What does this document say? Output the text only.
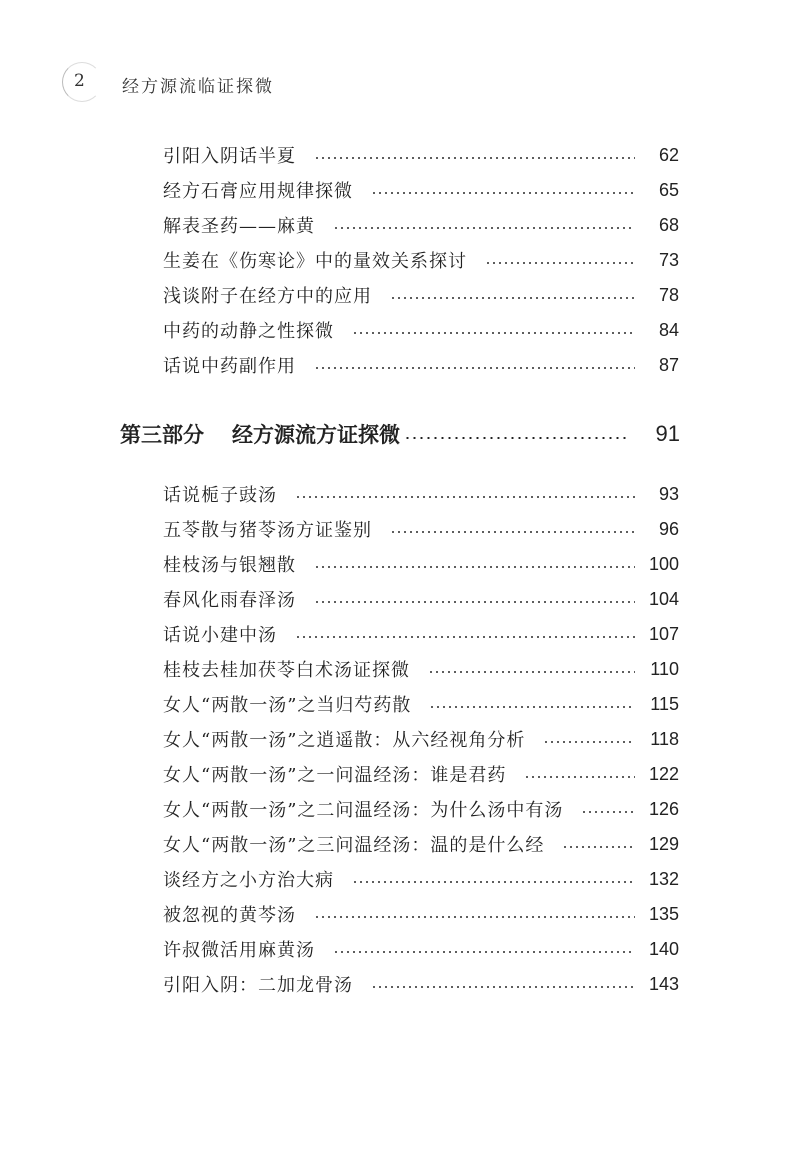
2 经方源流临证探微
引阳入阴话半夏	62
经方石膏应用规律探微	65
解表圣药——麻黄	68
生姜在《伤寒论》中的量效关系探讨	73
浅谈附子在经方中的应用	78
中药的动静之性探微	84
话说中药副作用	87
第三部分 经方源流方证探微	91
话说栀子豉汤	93
五苓散与猪苓汤方证鉴别	96
桂枝汤与银翘散	100
春风化雨春泽汤	104
话说小建中汤	107
桂枝去桂加茯苓白术汤证探微	110
女人“两散一汤”之当归芍药散	115
女人“两散一汤”之逍遥散：从六经视角分析	118
女人“两散一汤”之一问温经汤：谁是君药	122
女人“两散一汤”之二问温经汤：为什么汤中有汤	126
女人“两散一汤”之三问温经汤：温的是什么经	129
谈经方之小方治大病	132
被忽视的黄芩汤	135
许叔微活用麻黄汤	140
引阳入阴：二加龙骨汤	143
